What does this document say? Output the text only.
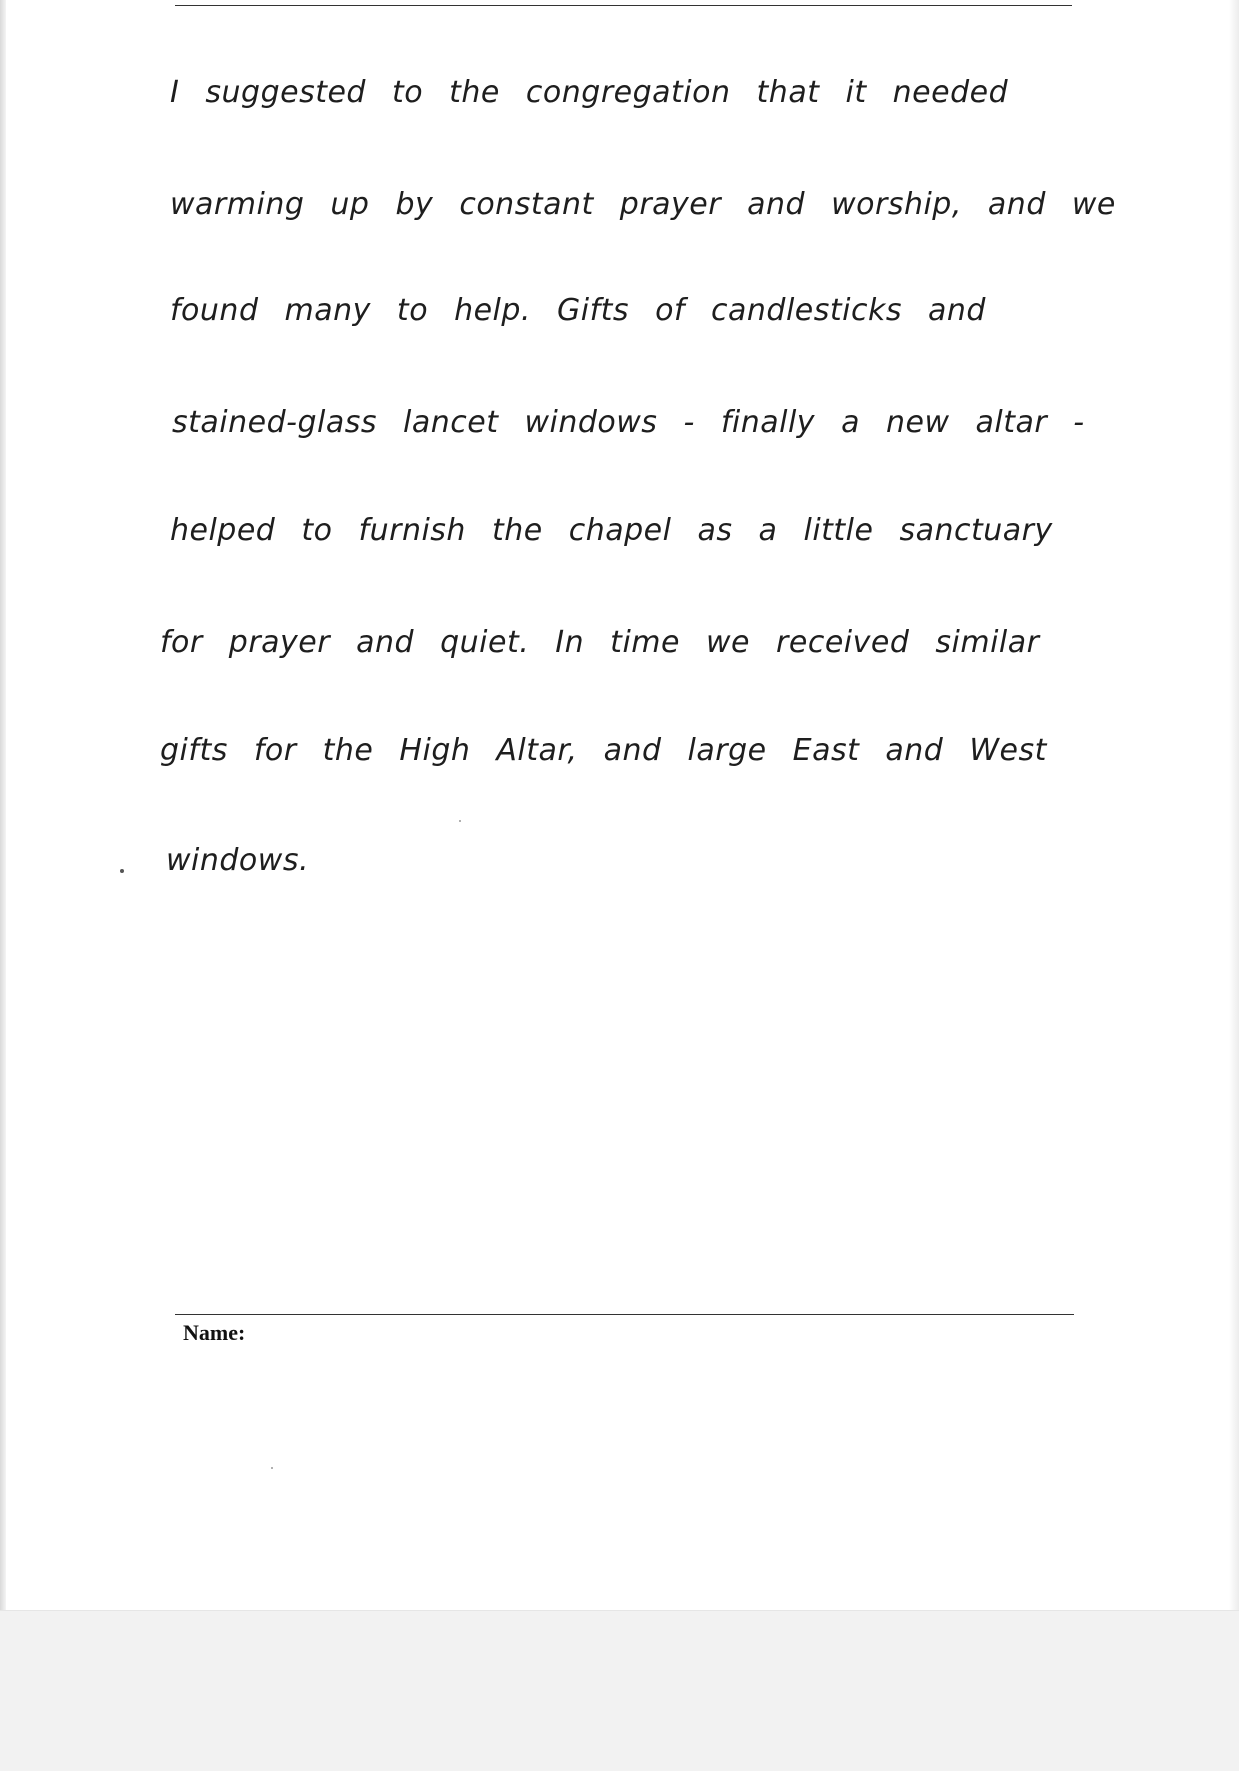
I suggested to the congregation that it needed
warming up by constant prayer and worship, and we
found many to help. Gifts of candlesticks and
stained-glass lancet windows - finally a new altar -
helped to furnish the chapel as a little sanctuary
for prayer and quiet. In time we received similar
gifts for the High Altar, and large East and West
windows.
Name:
